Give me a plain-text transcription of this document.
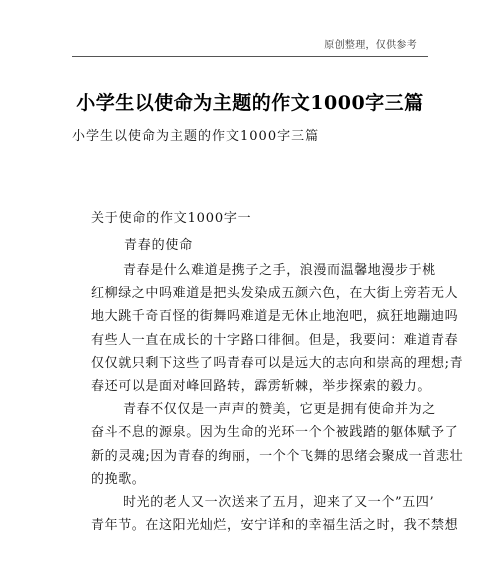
原创整理，仅供参考
小学生以使命为主题的作文1000字三篇
小学生以使命为主题的作文1000字三篇
关于使命的作文1000字一
青春的使命
青春是什么难道是携子之手，浪漫而温馨地漫步于桃
红柳绿之中吗难道是把头发染成五颜六色，在大街上旁若无人
地大跳千奇百怪的街舞吗难道是无休止地泡吧，疯狂地蹦迪吗
有些人一直在成长的十字路口徘徊。但是，我要问：难道青春
仅仅就只剩下这些了吗青春可以是远大的志向和崇高的理想;青
春还可以是面对峰回路转，霹雳斩棘，举步探索的毅力。
青春不仅仅是一声声的赞美，它更是拥有使命并为之
奋斗不息的源泉。因为生命的光环一个个被践踏的躯体赋予了
新的灵魂;因为青春的绚丽，一个个飞舞的思绪会聚成一首悲壮
的挽歌。
时光的老人又一次送来了五月，迎来了又一个”五四’
青年节。在这阳光灿烂，安宁详和的幸福生活之时，我不禁想
